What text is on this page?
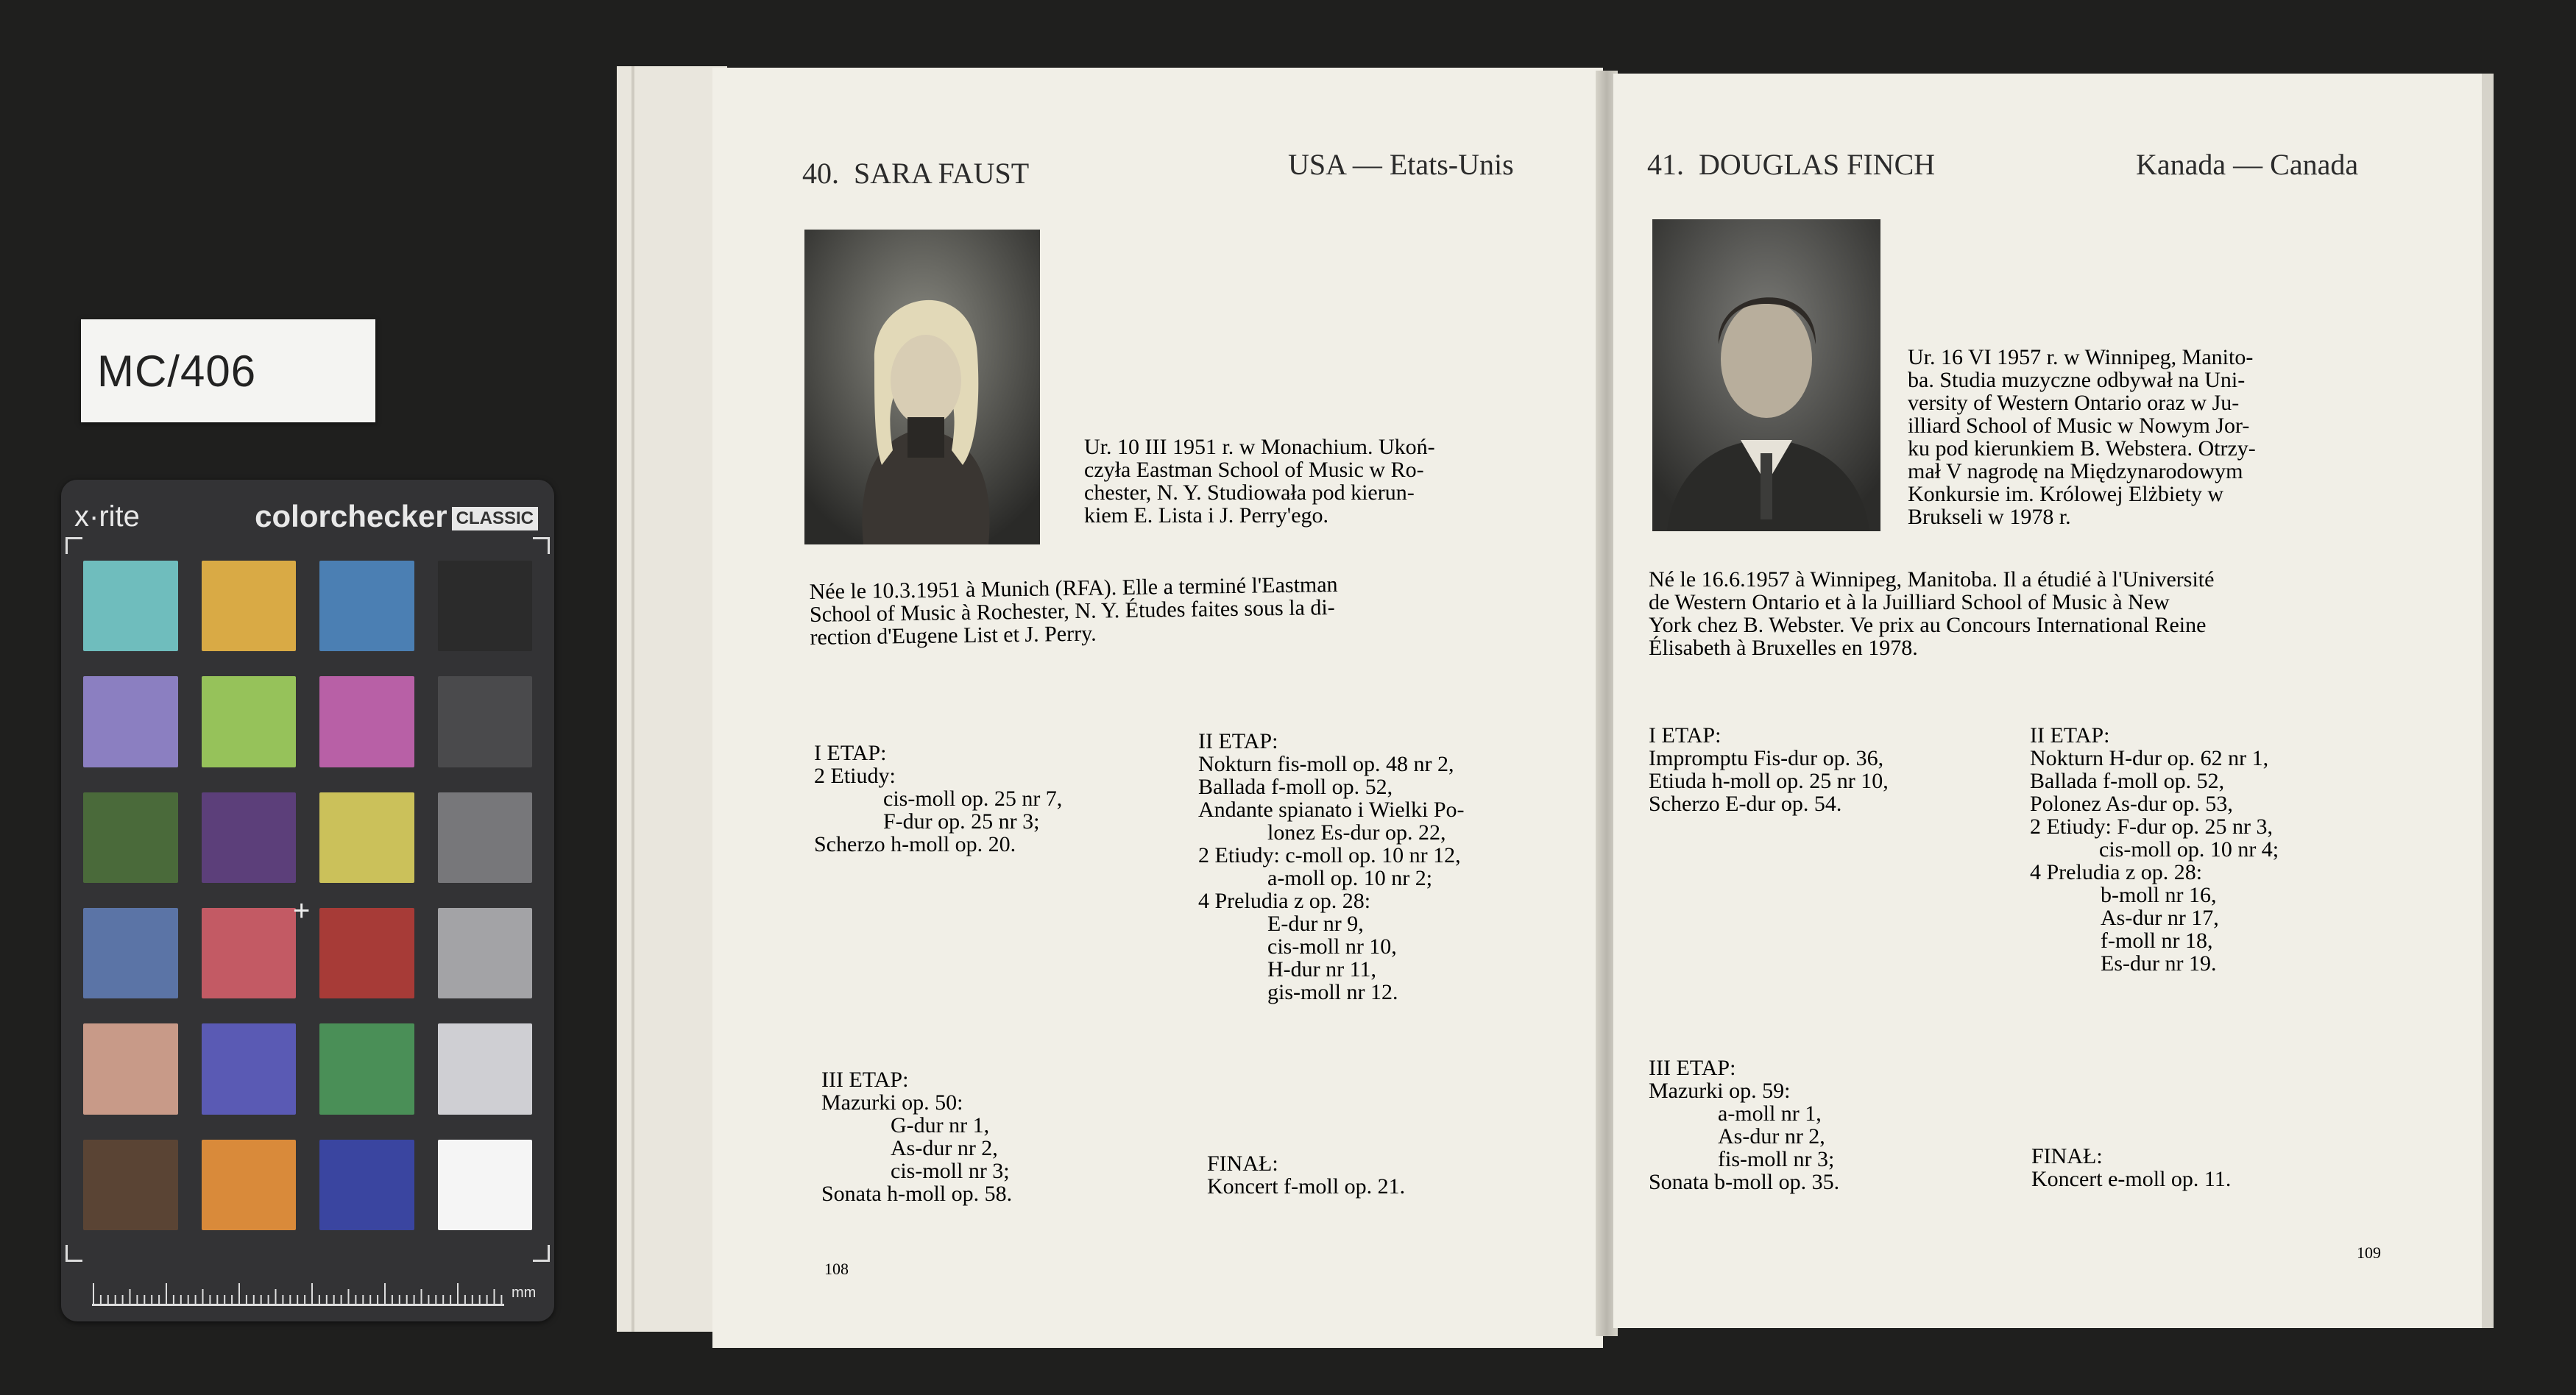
MC/406
x·rite	colorchecker CLASSIC
+
mm
40. SARA FAUST	USA — Etats-Unis
Ur. 10 III 1951 r. w Monachium. Ukoń-
czyła Eastman School of Music w Ro-
chester, N. Y. Studiowała pod kierun-
kiem E. Lista i J. Perry'ego.
Née le 10.3.1951 à Munich (RFA). Elle a terminé l'Eastman
School of Music à Rochester, N. Y. Études faites sous la di-
rection d'Eugene List et J. Perry.
I ETAP:
2 Etiudy:
cis-moll op. 25 nr 7,
F-dur op. 25 nr 3;
Scherzo h-moll op. 20.
II ETAP:
Nokturn fis-moll op. 48 nr 2,
Ballada f-moll op. 52,
Andante spianato i Wielki Po-
lonez Es-dur op. 22,
2 Etiudy: c-moll op. 10 nr 12,
a-moll op. 10 nr 2;
4 Preludia z op. 28:
E-dur nr 9,
cis-moll nr 10,
H-dur nr 11,
gis-moll nr 12.
III ETAP:
Mazurki op. 50:
G-dur nr 1,
As-dur nr 2,
cis-moll nr 3;
Sonata h-moll op. 58.
FINAŁ:
Koncert f-moll op. 21.
108
41. DOUGLAS FINCH	Kanada — Canada
Ur. 16 VI 1957 r. w Winnipeg, Manito-
ba. Studia muzyczne odbywał na Uni-
versity of Western Ontario oraz w Ju-
illiard School of Music w Nowym Jor-
ku pod kierunkiem B. Webstera. Otrzy-
mał V nagrodę na Międzynarodowym
Konkursie im. Królowej Elżbiety w
Brukseli w 1978 r.
Né le 16.6.1957 à Winnipeg, Manitoba. Il a étudié à l'Université
de Western Ontario et à la Juilliard School of Music à New
York chez B. Webster. Ve prix au Concours International Reine
Élisabeth à Bruxelles en 1978.
I ETAP:
Impromptu Fis-dur op. 36,
Etiuda h-moll op. 25 nr 10,
Scherzo E-dur op. 54.
II ETAP:
Nokturn H-dur op. 62 nr 1,
Ballada f-moll op. 52,
Polonez As-dur op. 53,
2 Etiudy: F-dur op. 25 nr 3,
cis-moll op. 10 nr 4;
4 Preludia z op. 28:
b-moll nr 16,
As-dur nr 17,
f-moll nr 18,
Es-dur nr 19.
III ETAP:
Mazurki op. 59:
a-moll nr 1,
As-dur nr 2,
fis-moll nr 3;
Sonata b-moll op. 35.
FINAŁ:
Koncert e-moll op. 11.
109
